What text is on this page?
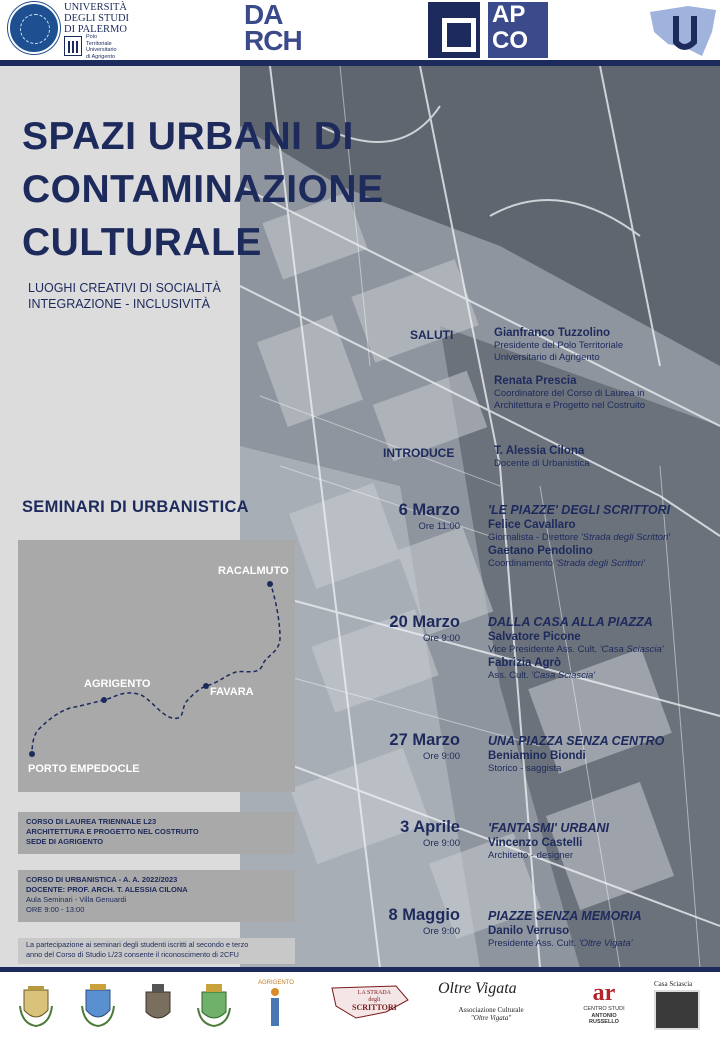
UNIVERSITÀ
DEGLI STUDI
DI PALERMO
Polo
Territoriale
Universitario
di Agrigento
DA
RCH
AP
CO
SPAZI URBANI DI
CONTAMINAZIONE
CULTURALE
LUOGHI CREATIVI DI SOCIALITÀ
INTEGRAZIONE - INCLUSIVITÀ
SALUTI	Gianfranco Tuzzolino
Presidente del Polo Territoriale
Universitario di Agrigento
Renata Prescia
Coordinatore del Corso di Laurea in
Architettura e Progetto nel Costruito
INTRODUCE	T. Alessia Cilona
Docente di Urbanistica
SEMINARI DI URBANISTICA
RACALMUTO
AGRIGENTO
FAVARA
PORTO EMPEDOCLE
CORSO DI LAUREA TRIENNALE L23
ARCHITETTURA E PROGETTO NEL COSTRUITO
SEDE DI AGRIGENTO
CORSO DI URBANISTICA - A. A. 2022/2023
DOCENTE: PROF. ARCH. T. ALESSIA CILONA
Aula Seminari - Villa Genuardi
ORE 9:00 - 13:00
La partecipazione ai seminari degli studenti iscritti al secondo e terzo
anno del Corso di Studio L/23 consente il riconoscimento di 2CFU
6 Marzo
Ore 11:00
'LE PIAZZE' DEGLI SCRITTORI
Felice Cavallaro
Giornalista - Direttore 'Strada degli Scrittori'
Gaetano Pendolino
Coordinamento 'Strada degli Scrittori'
20 Marzo
Ore 9:00
DALLA CASA ALLA PIAZZA
Salvatore Picone
Vice Presidente Ass. Cult. 'Casa Sciascia'
Fabrizia Agrò
Ass. Cult. 'Casa Sciascia'
27 Marzo
Ore 9:00
UNA PIAZZA SENZA CENTRO
Beniamino Biondi
Storico - saggista
3 Aprile
Ore 9:00
'FANTASMI' URBANI
Vincenzo Castelli
Architetto - designer
8 Maggio
Ore 9:00
PIAZZE SENZA MEMORIA
Danilo Verruso
Presidente Ass. Cult. 'Oltre Vigata'
AGRIGENTO
LA STRADA
degli
SCRITTORI
Oltre Vigata
Associazione Culturale
"Oltre Vigata"
ar
CENTRO STUDI
ANTONIO
RUSSELLO
Casa Sciascia
